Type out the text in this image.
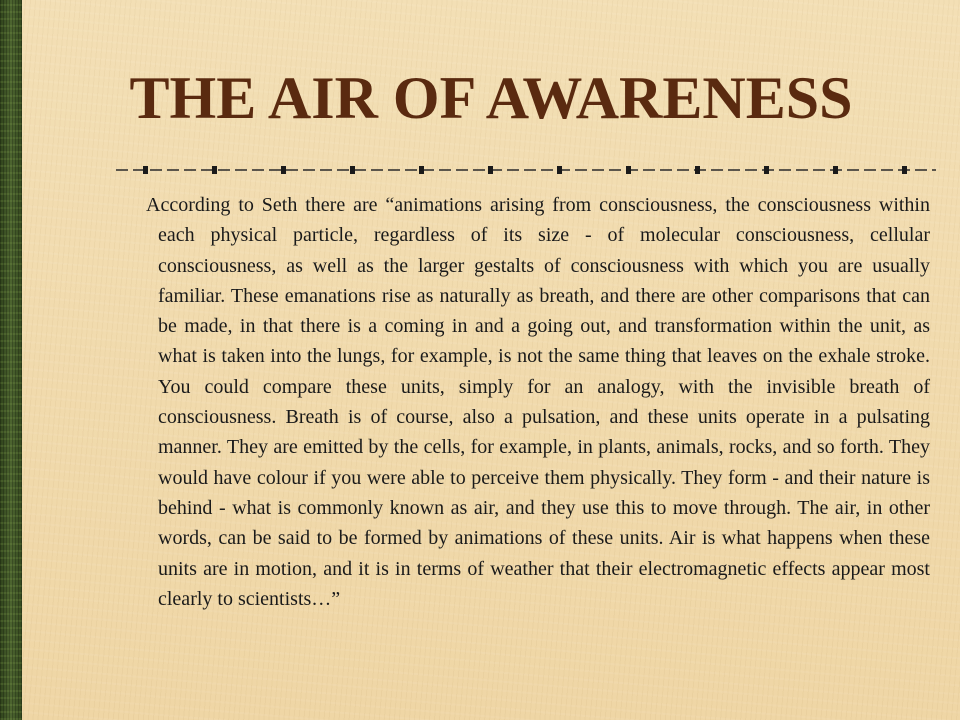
THE AIR OF AWARENESS

According to Seth there are “animations arising from consciousness, the consciousness within each physical particle, regardless of its size - of molecular consciousness, cellular consciousness, as well as the larger gestalts of consciousness with which you are usually familiar. These emanations rise as naturally as breath, and there are other comparisons that can be made, in that there is a coming in and a going out, and transformation within the unit, as what is taken into the lungs, for example, is not the same thing that leaves on the exhale stroke. You could compare these units, simply for an analogy, with the invisible breath of consciousness. Breath is of course, also a pulsation, and these units operate in a pulsating manner. They are emitted by the cells, for example, in plants, animals, rocks, and so forth. They would have colour if you were able to perceive them physically. They form - and their nature is behind - what is commonly known as air, and they use this to move through. The air, in other words, can be said to be formed by animations of these units. Air is what happens when these units are in motion, and it is in terms of weather that their electromagnetic effects appear most clearly to scientists…”
